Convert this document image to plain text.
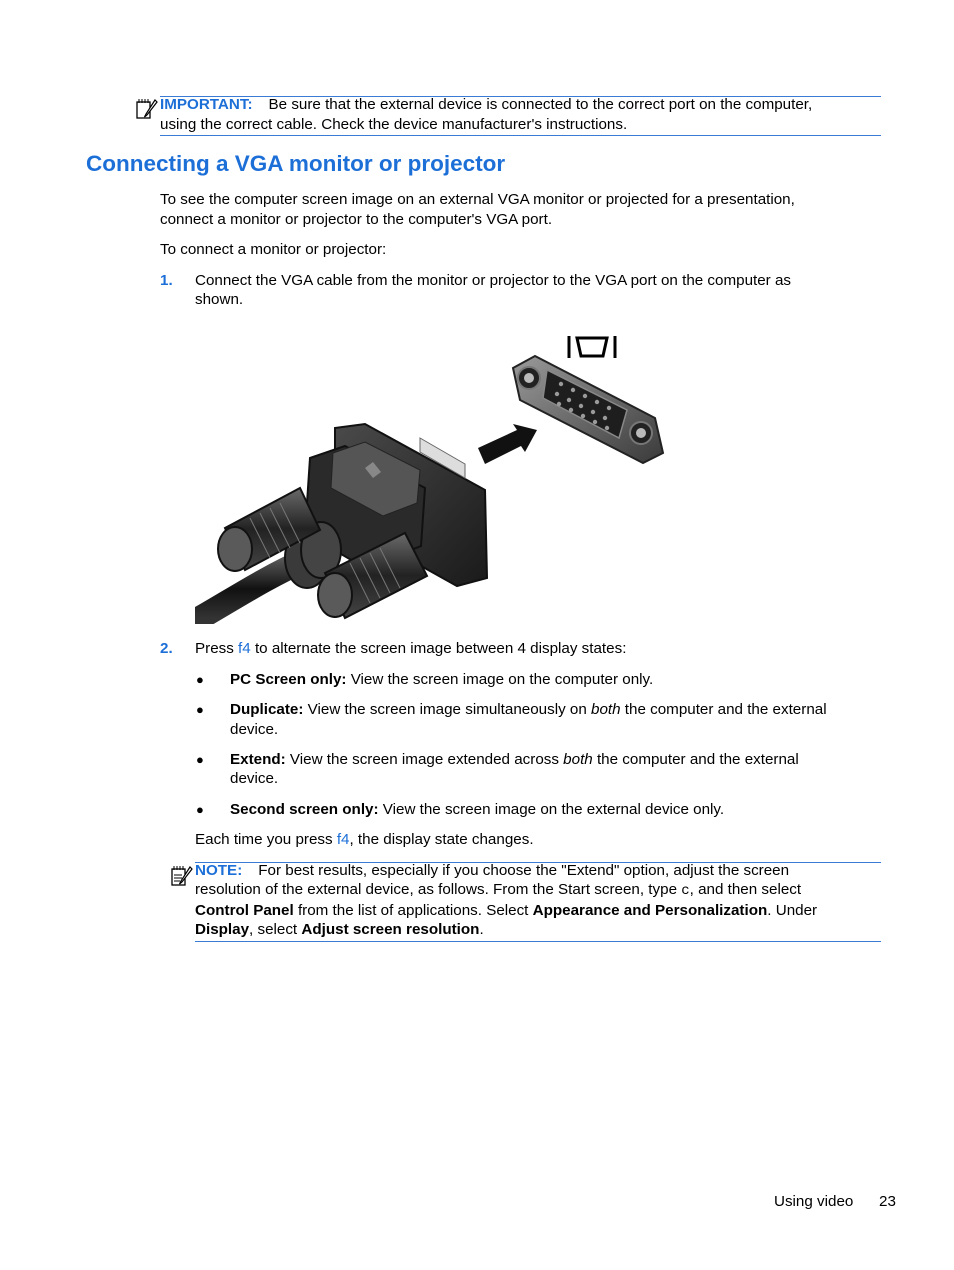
IMPORTANT: Be sure that the external device is connected to the correct port on the computer,
using the correct cable. Check the device manufacturer's instructions.
Connecting a VGA monitor or projector
To see the computer screen image on an external VGA monitor or projected for a presentation,
connect a monitor or projector to the computer's VGA port.
To connect a monitor or projector:
1. Connect the VGA cable from the monitor or projector to the VGA port on the computer as
shown.
2. Press f4 to alternate the screen image between 4 display states:
● PC Screen only: View the screen image on the computer only.
● Duplicate: View the screen image simultaneously on both the computer and the external
device.
● Extend: View the screen image extended across both the computer and the external
device.
● Second screen only: View the screen image on the external device only.
Each time you press f4, the display state changes.
NOTE: For best results, especially if you choose the "Extend" option, adjust the screen
resolution of the external device, as follows. From the Start screen, type c, and then select
Control Panel from the list of applications. Select Appearance and Personalization. Under
Display, select Adjust screen resolution.
Using video 23
